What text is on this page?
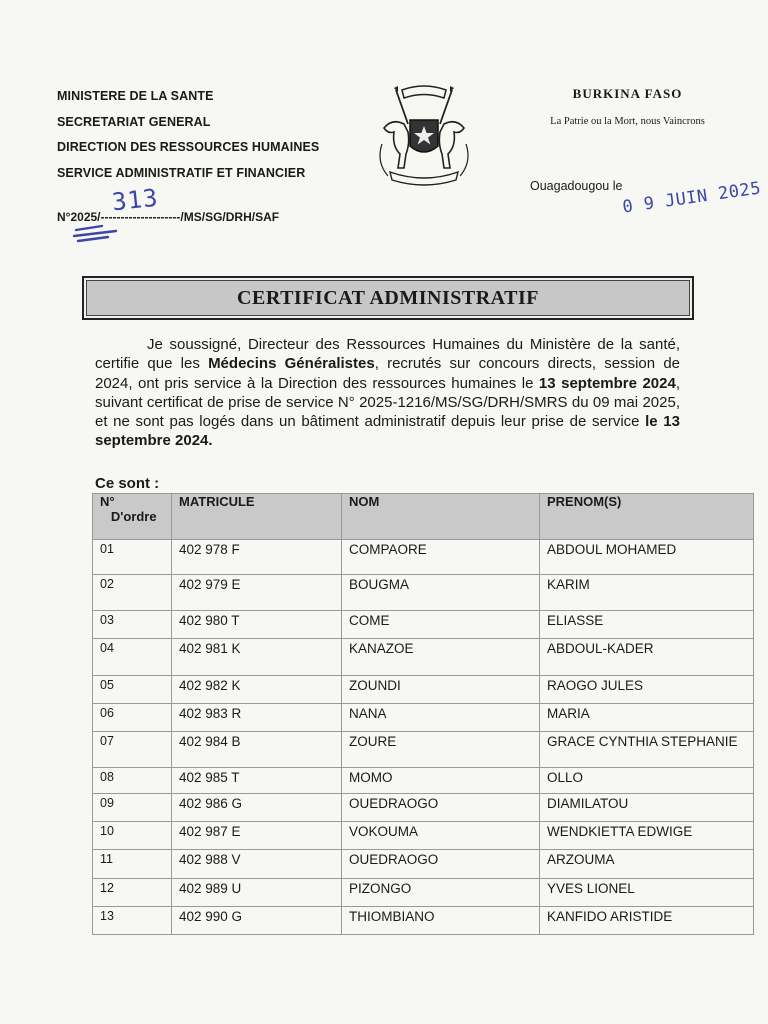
MINISTERE DE LA SANTE
SECRETARIAT GENERAL
DIRECTION DES RESSOURCES HUMAINES
SERVICE ADMINISTRATIF ET FINANCIER
N°2025/--------------------/MS/SG/DRH/SAF
313
BURKINA FASO
La Patrie ou la Mort, nous Vaincrons
Ouagadougou le
0 9 JUIN 2025
CERTIFICAT ADMINISTRATIF
Je soussigné, Directeur des Ressources Humaines du Ministère de la santé, certifie que les Médecins Généralistes, recrutés sur concours directs, session de 2024, ont pris service à la Direction des ressources humaines le 13 septembre 2024, suivant certificat de prise de service N° 2025-1216/MS/SG/DRH/SMRS du 09 mai 2025, et ne sont pas logés dans un bâtiment administratif depuis leur prise de service le 13 septembre 2024.
Ce sont :
N°
D'ordre	MATRICULE	NOM	PRENOM(S)
01	402 978 F	COMPAORE	ABDOUL MOHAMED
02	402 979 E	BOUGMA	KARIM
03	402 980 T	COME	ELIASSE
04	402 981 K	KANAZOE	ABDOUL-KADER
05	402 982 K	ZOUNDI	RAOGO JULES
06	402 983 R	NANA	MARIA
07	402 984 B	ZOURE	GRACE CYNTHIA STEPHANIE
08	402 985 T	MOMO	OLLO
09	402 986 G	OUEDRAOGO	DIAMILATOU
10	402 987 E	VOKOUMA	WENDKIETTA EDWIGE
11	402 988 V	OUEDRAOGO	ARZOUMA
12	402 989 U	PIZONGO	YVES LIONEL
13	402 990 G	THIOMBIANO	KANFIDO ARISTIDE
